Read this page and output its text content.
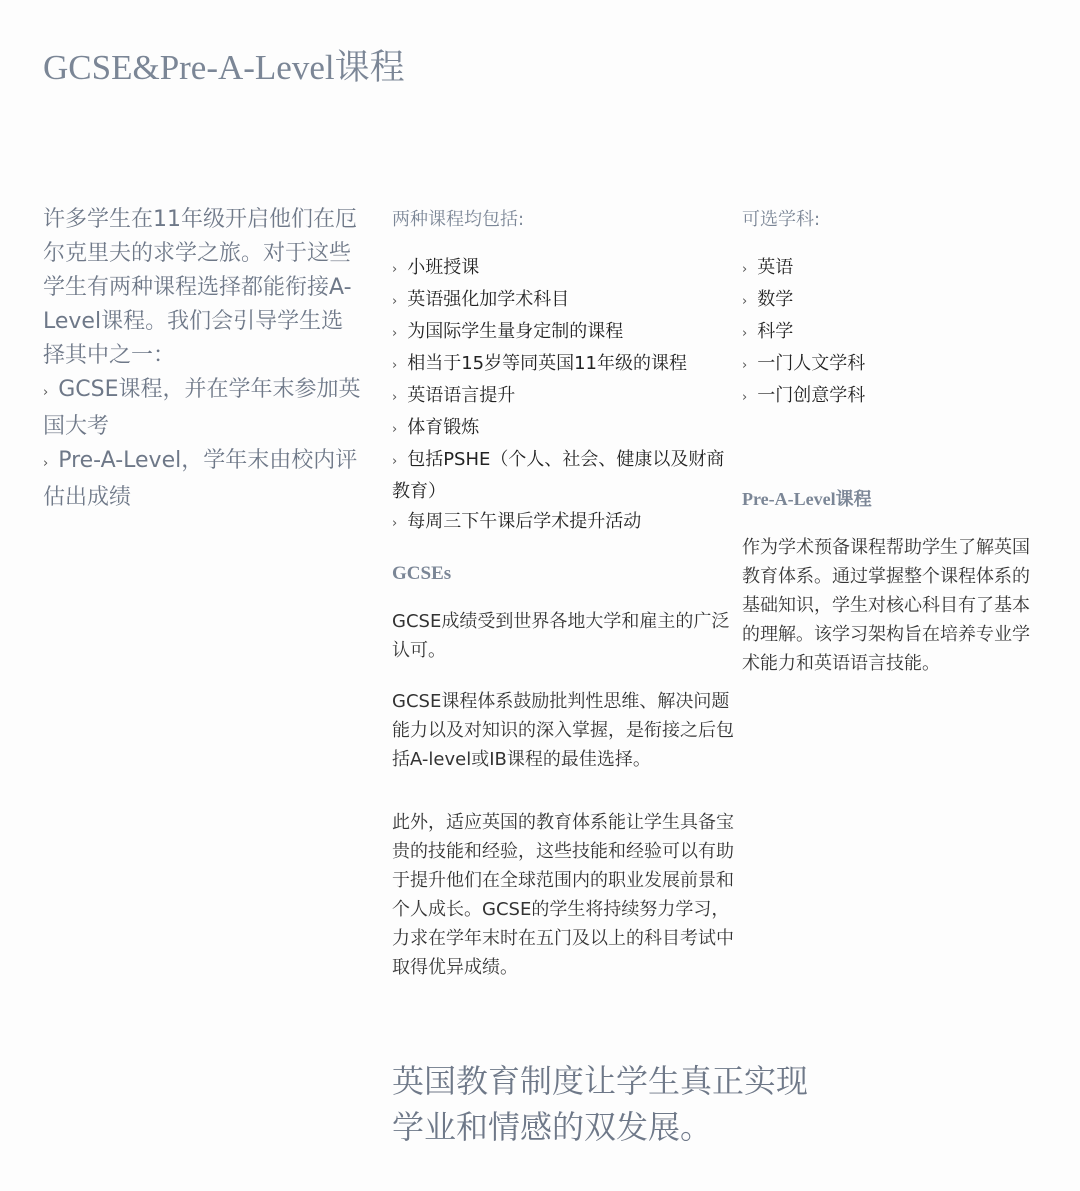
GCSE&Pre-A-Level课程

许多学生在11年级开启他们在厄尔克里夫的求学之旅。对于这些学生有两种课程选择都能衔接A-Level课程。我们会引导学生选择其中之一：

› GCSE课程，并在学年末参加英国大考

› Pre-A-Level，学年末由校内评估出成绩

两种课程均包括:
› 小班授课
› 英语强化加学术科目
› 为国际学生量身定制的课程
› 相当于15岁等同英国11年级的课程
› 英语语言提升
› 体育锻炼
› 包括PSHE（个人、社会、健康以及财商教育）
› 每周三下午课后学术提升活动
GCSEs

GCSE成绩受到世界各地大学和雇主的广泛认可。

GCSE课程体系鼓励批判性思维、解决问题能力以及对知识的深入掌握，是衔接之后包括A-level或IB课程的最佳选择。

此外，适应英国的教育体系能让学生具备宝贵的技能和经验，这些技能和经验可以有助于提升他们在全球范围内的职业发展前景和个人成长。GCSE的学生将持续努力学习，力求在学年末时在五门及以上的科目考试中取得优异成绩。

可选学科:
› 英语
› 数学
› 科学
› 一门人文学科
› 一门创意学科
Pre-A-Level课程

作为学术预备课程帮助学生了解英国教育体系。通过掌握整个课程体系的基础知识，学生对核心科目有了基本的理解。该学习架构旨在培养专业学术能力和英语语言技能。

英国教育制度让学生真正实现
学业和情感的双发展。
